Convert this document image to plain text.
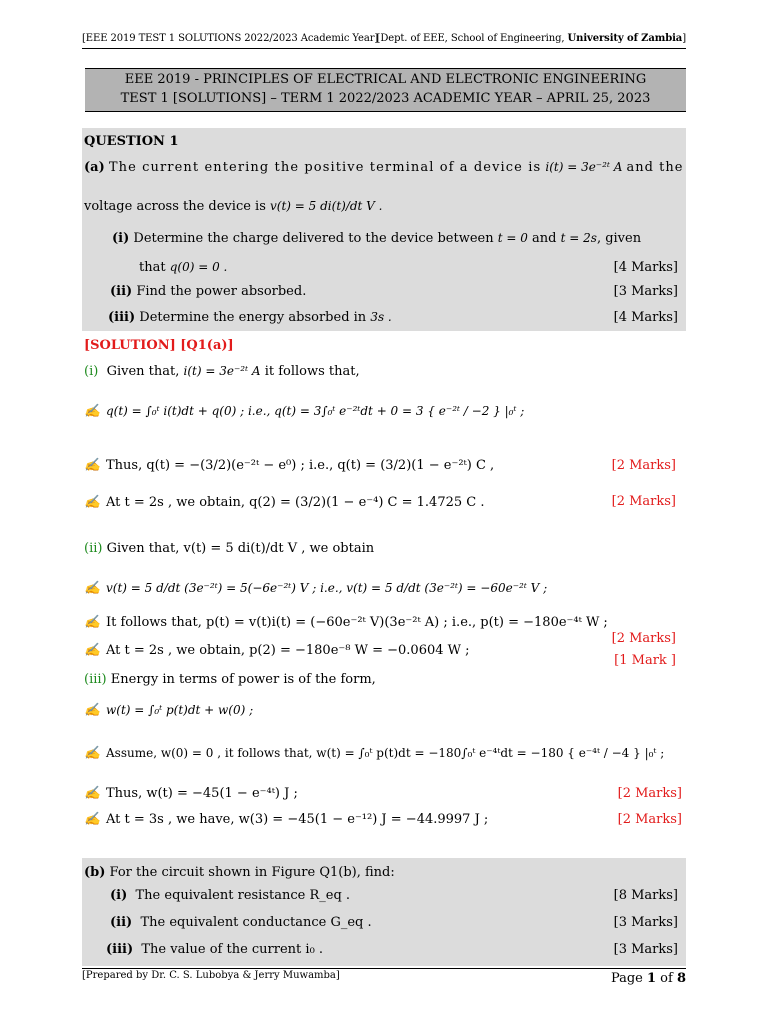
[EEE 2019 TEST 1 SOLUTIONS 2022/2023 Academic Year]
[Dept. of EEE, School of Engineering, University of Zambia]
EEE 2019 - PRINCIPLES OF ELECTRICAL AND ELECTRONIC ENGINEERING
TEST 1 [SOLUTIONS] – TERM 1 2022/2023 ACADEMIC YEAR – APRIL 25, 2023
QUESTION 1
(a) The current entering the positive terminal of a device is i(t) = 3e⁻²ᵗ A and the
voltage across the device is v(t) = 5 di(t)/dt V .
(i) Determine the charge delivered to the device between t = 0 and t = 2s, given
that q(0) = 0 .	[4 Marks]
(ii) Find the power absorbed.	[3 Marks]
(iii) Determine the energy absorbed in 3s .	[4 Marks]
[SOLUTION] [Q1(a)]
(i) Given that, i(t) = 3e⁻²ᵗ A it follows that,
✍ q(t) = ∫₀ᵗ i(t)dt + q(0) ; i.e., q(t) = 3∫₀ᵗ e⁻²ᵗdt + 0 = 3 { e⁻²ᵗ / −2 } |₀ᵗ ;
✍ Thus, q(t) = −(3/2)(e⁻²ᵗ − e⁰) ; i.e., q(t) = (3/2)(1 − e⁻²ᵗ) C ,	[2 Marks]
✍ At t = 2s , we obtain, q(2) = (3/2)(1 − e⁻⁴) C = 1.4725 C .	[2 Marks]
(ii) Given that, v(t) = 5 di(t)/dt V , we obtain
✍ v(t) = 5 d/dt (3e⁻²ᵗ) = 5(−6e⁻²ᵗ) V ; i.e., v(t) = 5 d/dt (3e⁻²ᵗ) = −60e⁻²ᵗ V ;
✍ It follows that, p(t) = v(t)i(t) = (−60e⁻²ᵗ V)(3e⁻²ᵗ A) ; i.e., p(t) = −180e⁻⁴ᵗ W ;
[2 Marks]
✍ At t = 2s , we obtain, p(2) = −180e⁻⁸ W = −0.0604 W ;
[1 Mark ]
(iii) Energy in terms of power is of the form,
✍ w(t) = ∫₀ᵗ p(t)dt + w(0) ;
✍ Assume, w(0) = 0 , it follows that, w(t) = ∫₀ᵗ p(t)dt = −180∫₀ᵗ e⁻⁴ᵗdt = −180 { e⁻⁴ᵗ / −4 } |₀ᵗ ;
✍ Thus, w(t) = −45(1 − e⁻⁴ᵗ) J ;	[2 Marks]
✍ At t = 3s , we have, w(3) = −45(1 − e⁻¹²) J = −44.9997 J ;	[2 Marks]
(b) For the circuit shown in Figure Q1(b), find:
(i) The equivalent resistance R_eq .	[8 Marks]
(ii) The equivalent conductance G_eq .	[3 Marks]
(iii) The value of the current i₀ .	[3 Marks]
[Prepared by Dr. C. S. Lubobya & Jerry Muwamba]	Page 1 of 8
